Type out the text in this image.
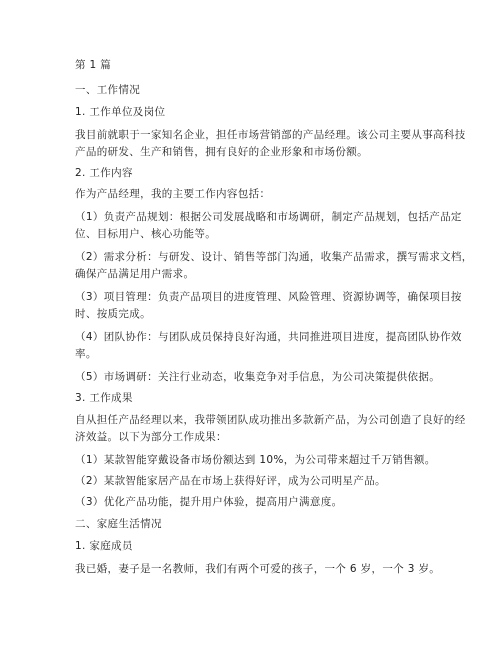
第 1 篇
一、工作情况
1. 工作单位及岗位
我目前就职于一家知名企业，担任市场营销部的产品经理。该公司主要从事高科技
产品的研发、生产和销售，拥有良好的企业形象和市场份额。
2. 工作内容
作为产品经理，我的主要工作内容包括：
（1）负责产品规划：根据公司发展战略和市场调研，制定产品规划，包括产品定
位、目标用户、核心功能等。
（2）需求分析：与研发、设计、销售等部门沟通，收集产品需求，撰写需求文档，
确保产品满足用户需求。
（3）项目管理：负责产品项目的进度管理、风险管理、资源协调等，确保项目按
时、按质完成。
（4）团队协作：与团队成员保持良好沟通，共同推进项目进度，提高团队协作效
率。
（5）市场调研：关注行业动态，收集竞争对手信息，为公司决策提供依据。
3. 工作成果
自从担任产品经理以来，我带领团队成功推出多款新产品，为公司创造了良好的经
济效益。以下为部分工作成果：
（1）某款智能穿戴设备市场份额达到 10%，为公司带来超过千万销售额。
（2）某款智能家居产品在市场上获得好评，成为公司明星产品。
（3）优化产品功能，提升用户体验，提高用户满意度。
二、家庭生活情况
1. 家庭成员
我已婚，妻子是一名教师，我们有两个可爱的孩子，一个 6 岁，一个 3 岁。
